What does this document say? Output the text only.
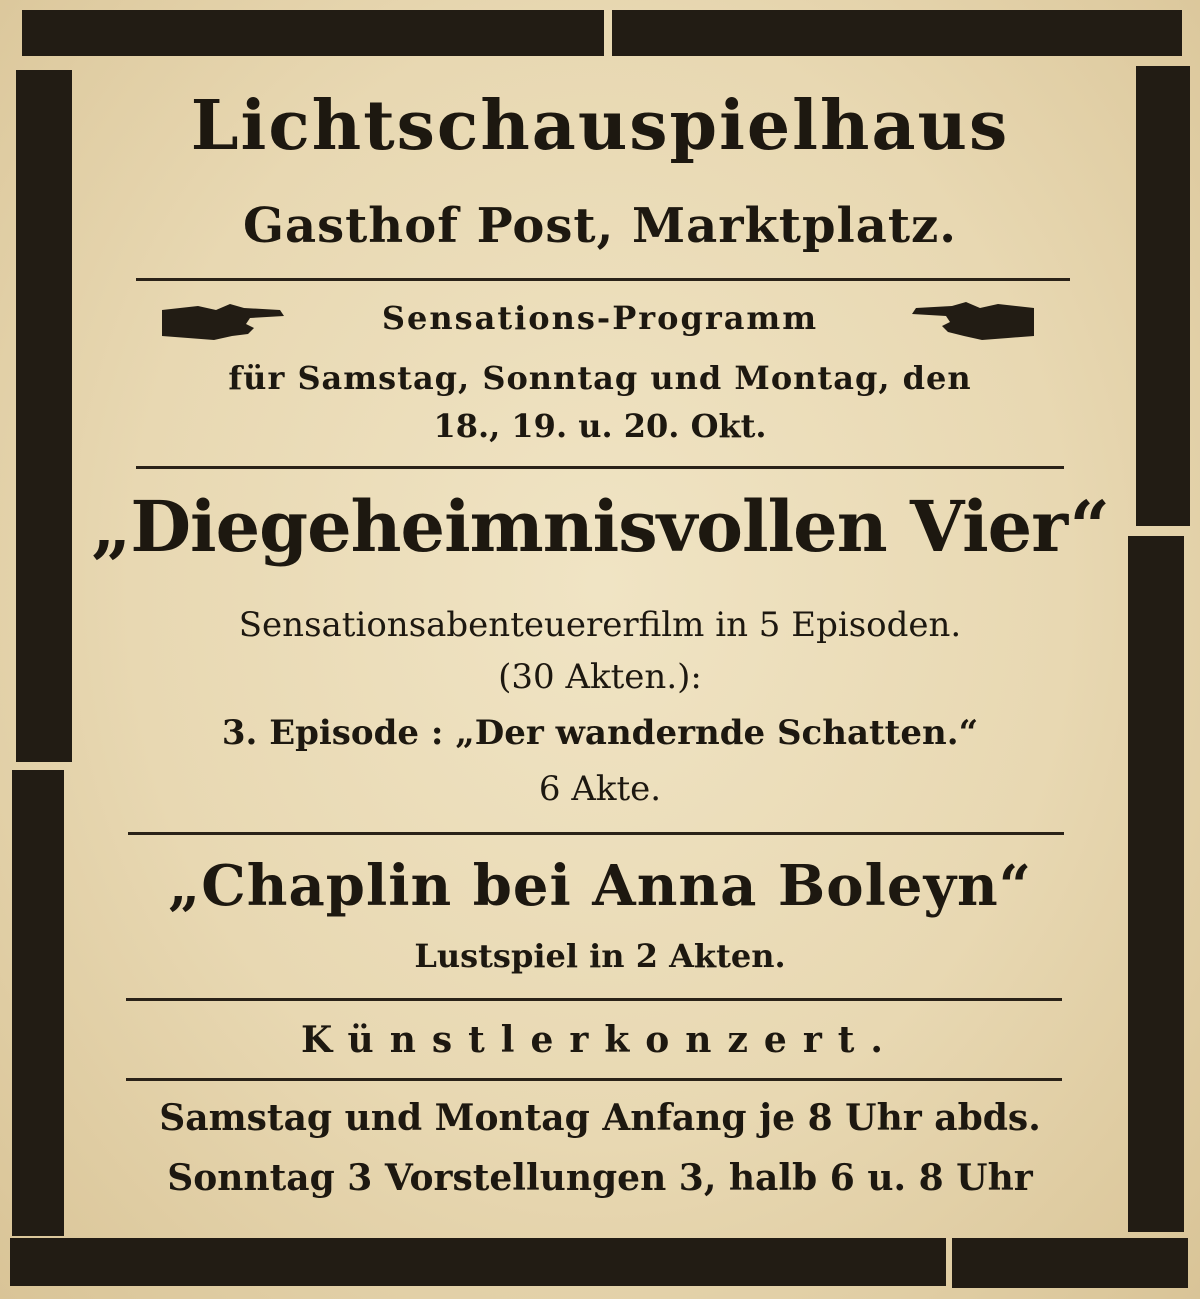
Lichtschauspielhaus
Gasthof Post, Marktplatz.
Sensations-Programm
für Samstag, Sonntag und Montag, den
18., 19. u. 20. Okt.
„Diegeheimnisvollen Vier“
Sensationsabenteuererfilm in 5 Episoden.
(30 Akten.):
3. Episode : „Der wandernde Schatten.“
6 Akte.
„Chaplin bei Anna Boleyn“
Lustspiel in 2 Akten.
Künstlerkonzert.
Samstag und Montag Anfang je 8 Uhr abds.
Sonntag 3 Vorstellungen 3, halb 6 u. 8 Uhr
